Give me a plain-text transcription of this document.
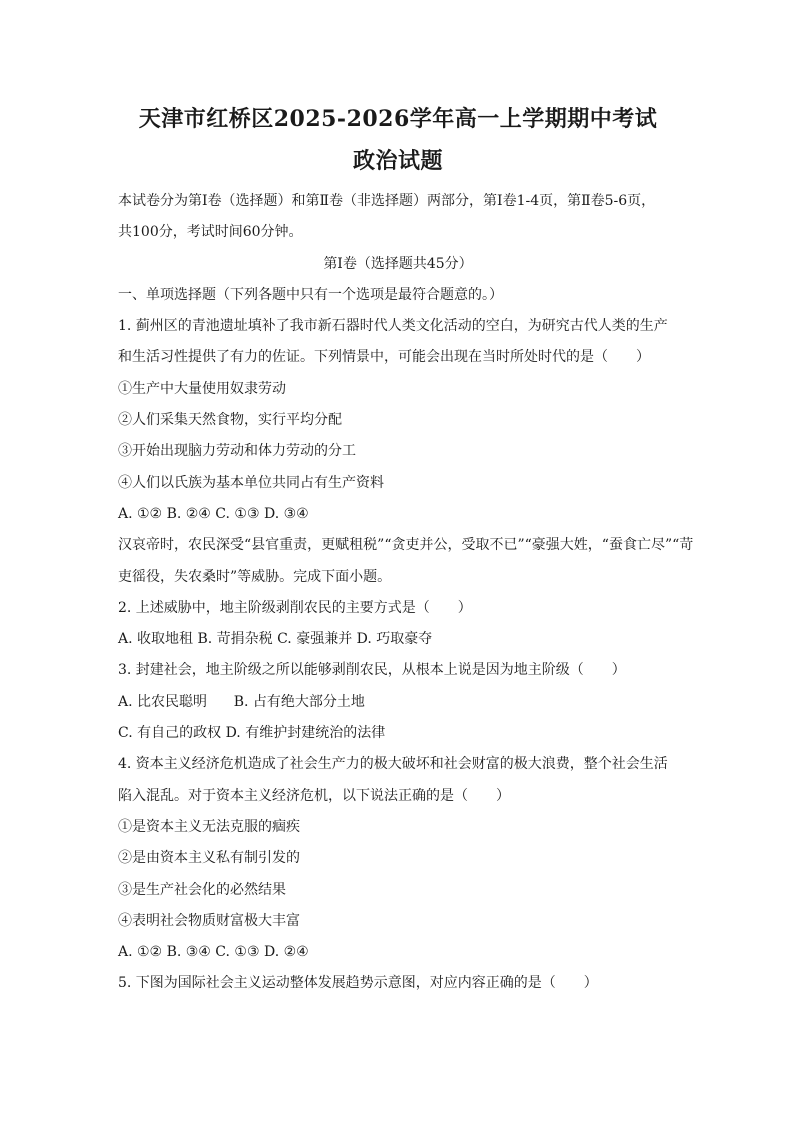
天津市红桥区2025-2026学年高一上学期期中考试
政治试题

本试卷分为第Ⅰ卷（选择题）和第Ⅱ卷（非选择题）两部分，第Ⅰ卷1-4页，第Ⅱ卷5-6页，

共100分，考试时间60分钟。

第Ⅰ卷（选择题共45分）

一、单项选择题（下列各题中只有一个选项是最符合题意的。）

1. 蓟州区的青池遗址填补了我市新石器时代人类文化活动的空白，为研究古代人类的生产

和生活习性提供了有力的佐证。下列情景中，可能会出现在当时所处时代的是（　　）

①生产中大量使用奴隶劳动

②人们采集天然食物，实行平均分配

③开始出现脑力劳动和体力劳动的分工

④人们以氏族为基本单位共同占有生产资料

A. ①② B. ②④ C. ①③ D. ③④

汉哀帝时，农民深受“县官重责，更赋租税”“贪吏并公，受取不已”“豪强大姓，“蚕食亡尽”“苛

吏徭役，失农桑时”等威胁。完成下面小题。

2. 上述威胁中，地主阶级剥削农民的主要方式是（　　）

A. 收取地租 B. 苛捐杂税 C. 豪强兼并 D. 巧取豪夺

3. 封建社会，地主阶级之所以能够剥削农民，从根本上说是因为地主阶级（　　）

A. 比农民聪明      B. 占有绝大部分土地

C. 有自己的政权 D. 有维护封建统治的法律

4. 资本主义经济危机造成了社会生产力的极大破坏和社会财富的极大浪费，整个社会生活

陷入混乱。对于资本主义经济危机，以下说法正确的是（　　）

①是资本主义无法克服的痼疾

②是由资本主义私有制引发的

③是生产社会化的必然结果

④表明社会物质财富极大丰富

A. ①② B. ③④ C. ①③ D. ②④

5. 下图为国际社会主义运动整体发展趋势示意图，对应内容正确的是（　　）
